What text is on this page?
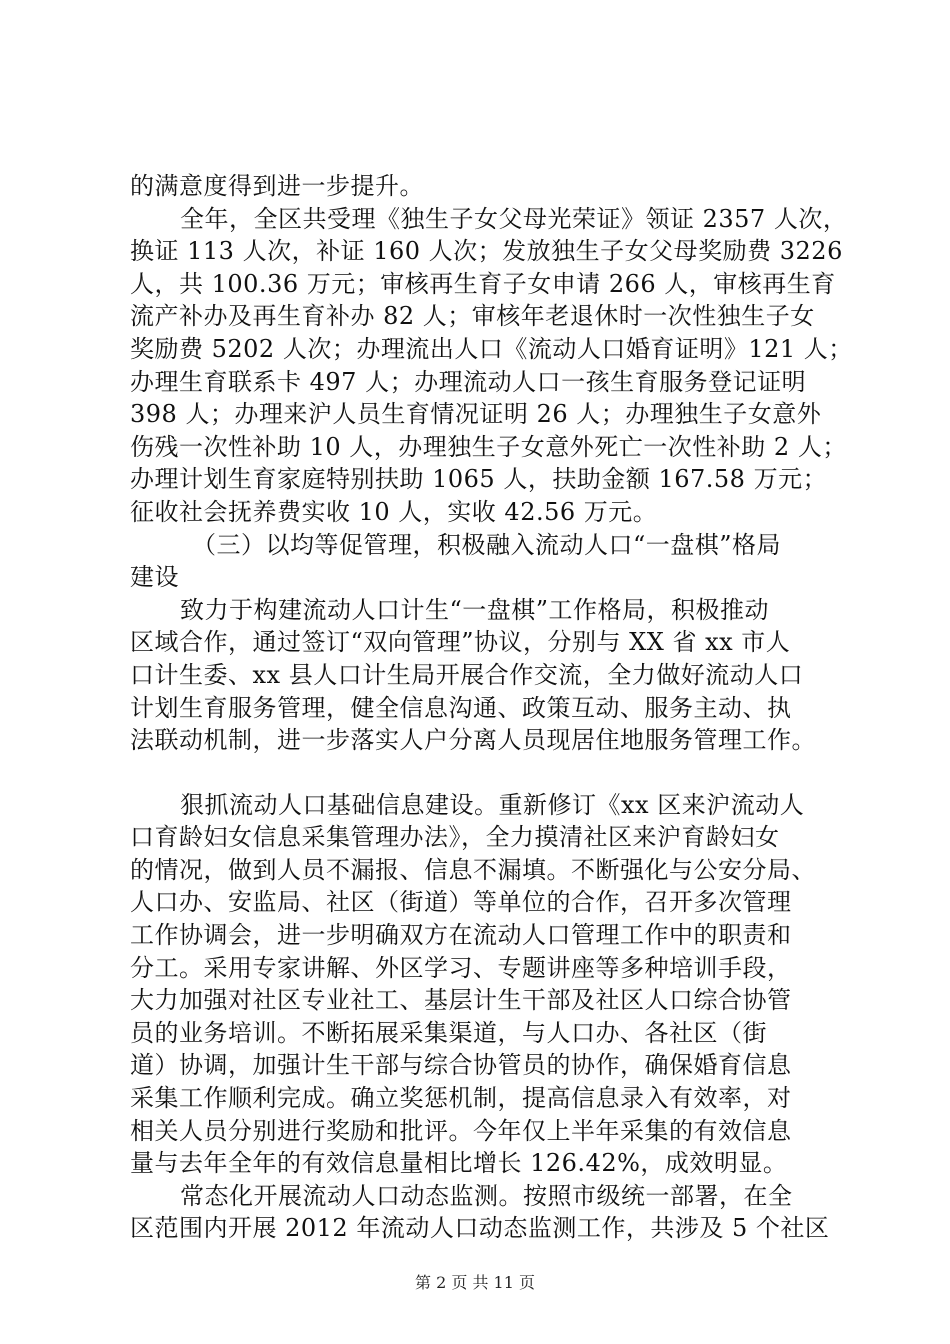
的满意度得到进一步提升。
全年，全区共受理《独生子女父母光荣证》领证 2357 人次，
换证 113 人次，补证 160 人次；发放独生子女父母奖励费 3226
人，共 100.36 万元；审核再生育子女申请 266 人，审核再生育
流产补办及再生育补办 82 人；审核年老退休时一次性独生子女
奖励费 5202 人次；办理流出人口《流动人口婚育证明》121 人；
办理生育联系卡 497 人；办理流动人口一孩生育服务登记证明
398 人；办理来沪人员生育情况证明 26 人；办理独生子女意外
伤残一次性补助 10 人，办理独生子女意外死亡一次性补助 2 人；
办理计划生育家庭特别扶助 1065 人，扶助金额 167.58 万元；
征收社会抚养费实收 10 人，实收 42.56 万元。
（三）以均等促管理，积极融入流动人口“一盘棋”格局
建设
致力于构建流动人口计生“一盘棋”工作格局，积极推动
区域合作，通过签订“双向管理”协议，分别与 XX 省 xx 市人
口计生委、xx 县人口计生局开展合作交流，全力做好流动人口
计划生育服务管理，健全信息沟通、政策互动、服务主动、执
法联动机制，进一步落实人户分离人员现居住地服务管理工作。
狠抓流动人口基础信息建设。重新修订《xx 区来沪流动人
口育龄妇女信息采集管理办法》，全力摸清社区来沪育龄妇女
的情况，做到人员不漏报、信息不漏填。不断强化与公安分局、
人口办、安监局、社区（街道）等单位的合作，召开多次管理
工作协调会，进一步明确双方在流动人口管理工作中的职责和
分工。采用专家讲解、外区学习、专题讲座等多种培训手段，
大力加强对社区专业社工、基层计生干部及社区人口综合协管
员的业务培训。不断拓展采集渠道，与人口办、各社区（街
道）协调，加强计生干部与综合协管员的协作，确保婚育信息
采集工作顺利完成。确立奖惩机制，提高信息录入有效率，对
相关人员分别进行奖励和批评。今年仅上半年采集的有效信息
量与去年全年的有效信息量相比增长 126.42%，成效明显。
常态化开展流动人口动态监测。按照市级统一部署，在全
区范围内开展 2012 年流动人口动态监测工作，共涉及 5 个社区
第 2 页 共 11 页
